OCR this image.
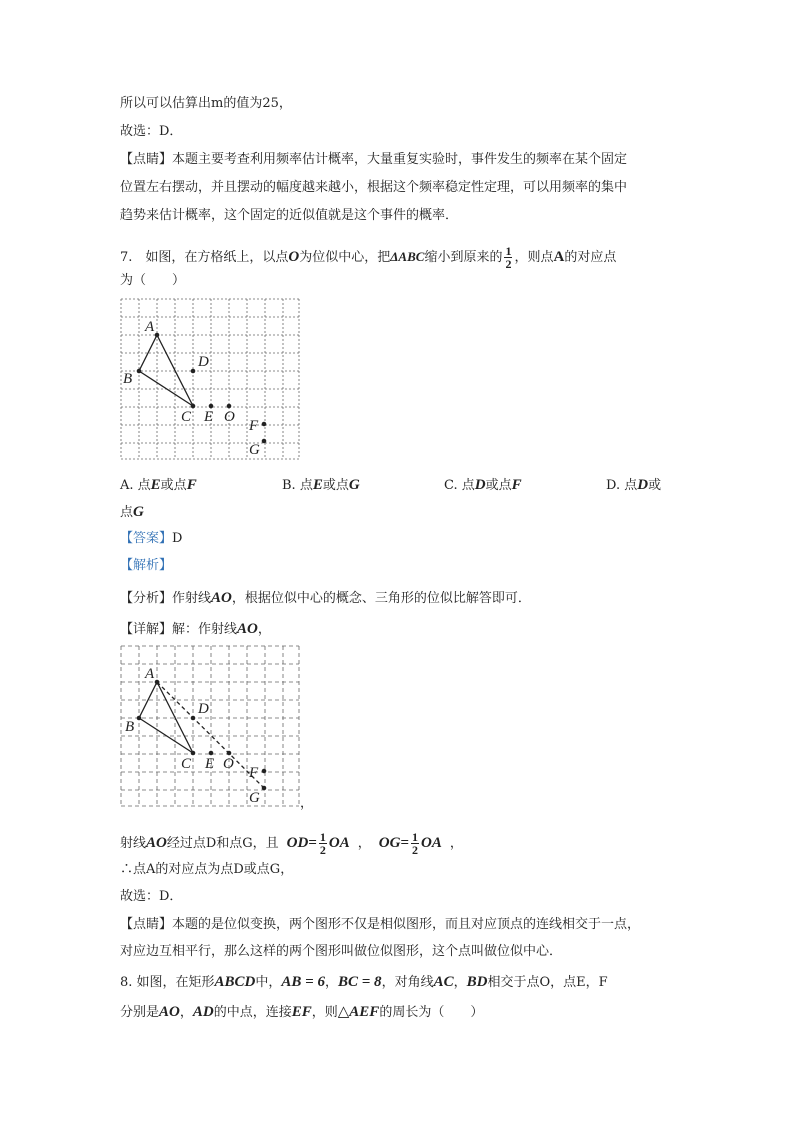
所以可以估算出m的值为25，
故选：D．
【点睛】本题主要考查利用频率估计概率，大量重复实验时，事件发生的频率在某个固定
位置左右摆动，并且摆动的幅度越来越小，根据这个频率稳定性定理，可以用频率的集中
趋势来估计概率，这个固定的近似值就是这个事件的概率．
7.　如图，在方格纸上，以点O为位似中心，把ΔABC缩小到原来的 $\frac{1}{2}$ ，则点A的对应点
为（　　）
A
B
C
D
E O
F
G
A. 点E或点F	B. 点E或点G	C. 点D或点F	D. 点D或
点G
【答案】D
【解析】
【分析】作射线AO，根据位似中心的概念、三角形的位似比解答即可．
【详解】解：作射线AO，
A
B
C
D
E O
F
G	，
射线AO经过点D和点G，且 $OD= \frac{1}{2}$ OA ， $OG= \frac{1}{2}$ OA ，
∴点A的对应点为点D或点G，
故选：D．
【点睛】本题的是位似变换，两个图形不仅是相似图形，而且对应顶点的连线相交于一点，
对应边互相平行，那么这样的两个图形叫做位似图形，这个点叫做位似中心．
8. 如图，在矩形ABCD中，AB = 6，BC = 8，对角线AC，BD相交于点O，点E，F
分别是AO，AD的中点，连接EF，则△AEF的周长为（　　）
